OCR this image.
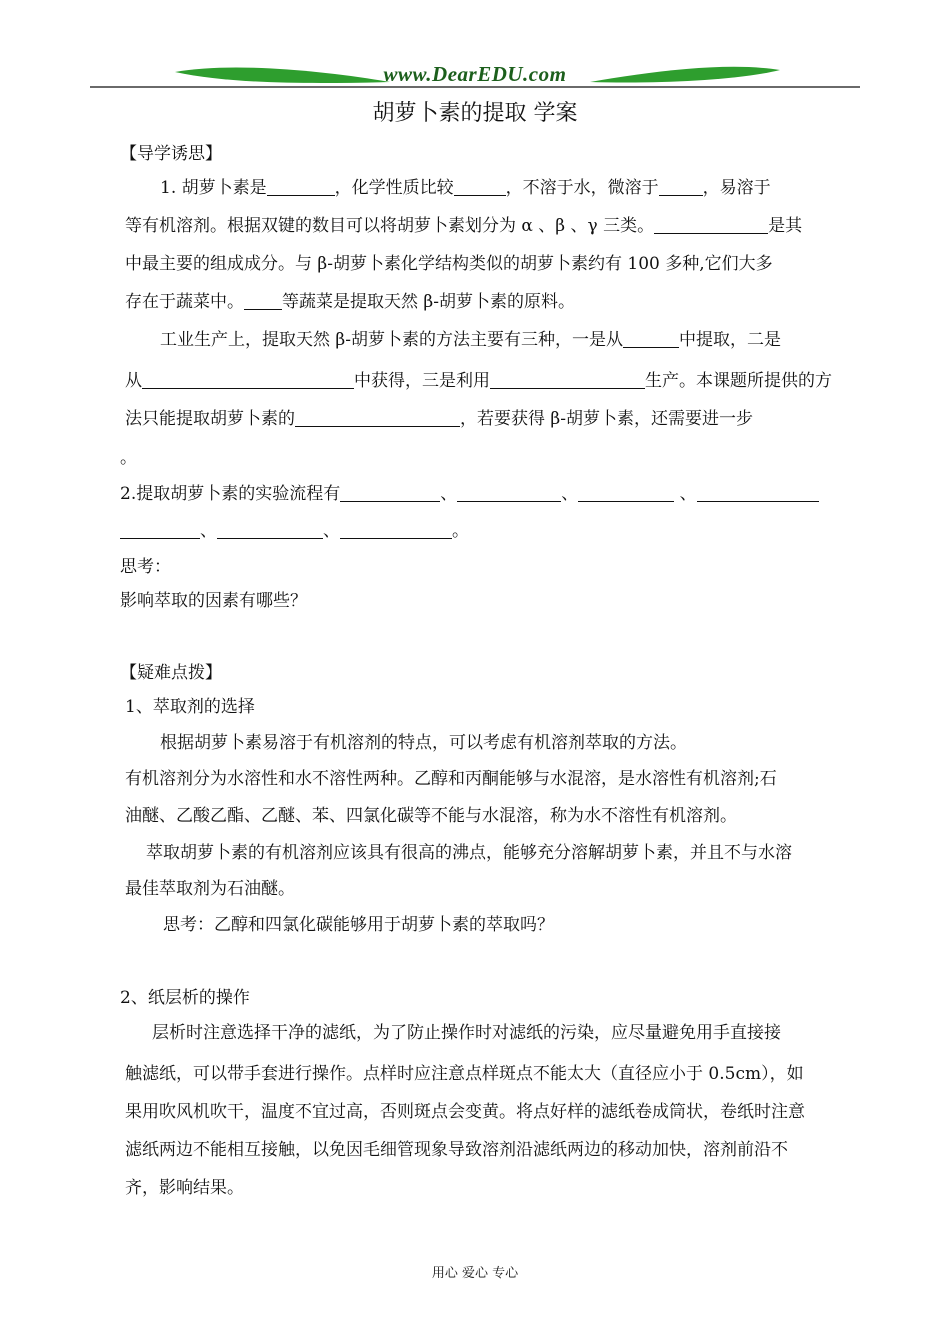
www.DearEDU.com
胡萝卜素的提取 学案
【导学诱思】
1. 胡萝卜素是	，化学性质比较	，不溶于水，微溶于	，易溶于
等有机溶剂。根据双键的数目可以将胡萝卜素划分为 α 、β 、γ 三类。	是其
中最主要的组成成分。与 β-胡萝卜素化学结构类似的胡萝卜素约有 100 多种,它们大多
存在于蔬菜中。 等蔬菜是提取天然 β-胡萝卜素的原料。
工业生产上，提取天然 β-胡萝卜素的方法主要有三种，一是从	中提取，二是
从	中获得，三是利用	生产。本课题所提供的方
法只能提取胡萝卜素的	，若要获得 β-胡萝卜素，还需要进一步
。
2.提取胡萝卜素的实验流程有	、	、	、
、	、	。
思考：
影响萃取的因素有哪些？
【疑难点拨】
1、萃取剂的选择
根据胡萝卜素易溶于有机溶剂的特点，可以考虑有机溶剂萃取的方法。
有机溶剂分为水溶性和水不溶性两种。乙醇和丙酮能够与水混溶，是水溶性有机溶剂;石
油醚、乙酸乙酯、乙醚、苯、四氯化碳等不能与水混溶，称为水不溶性有机溶剂。
萃取胡萝卜素的有机溶剂应该具有很高的沸点，能够充分溶解胡萝卜素，并且不与水溶
最佳萃取剂为石油醚。
思考：乙醇和四氯化碳能够用于胡萝卜素的萃取吗？
2、纸层析的操作
层析时注意选择干净的滤纸，为了防止操作时对滤纸的污染，应尽量避免用手直接接
触滤纸，可以带手套进行操作。点样时应注意点样斑点不能太大（直径应小于 0.5cm），如
果用吹风机吹干，温度不宜过高，否则斑点会变黄。将点好样的滤纸卷成筒状，卷纸时注意
滤纸两边不能相互接触，以免因毛细管现象导致溶剂沿滤纸两边的移动加快，溶剂前沿不
齐，影响结果。
用心 爱心 专心
